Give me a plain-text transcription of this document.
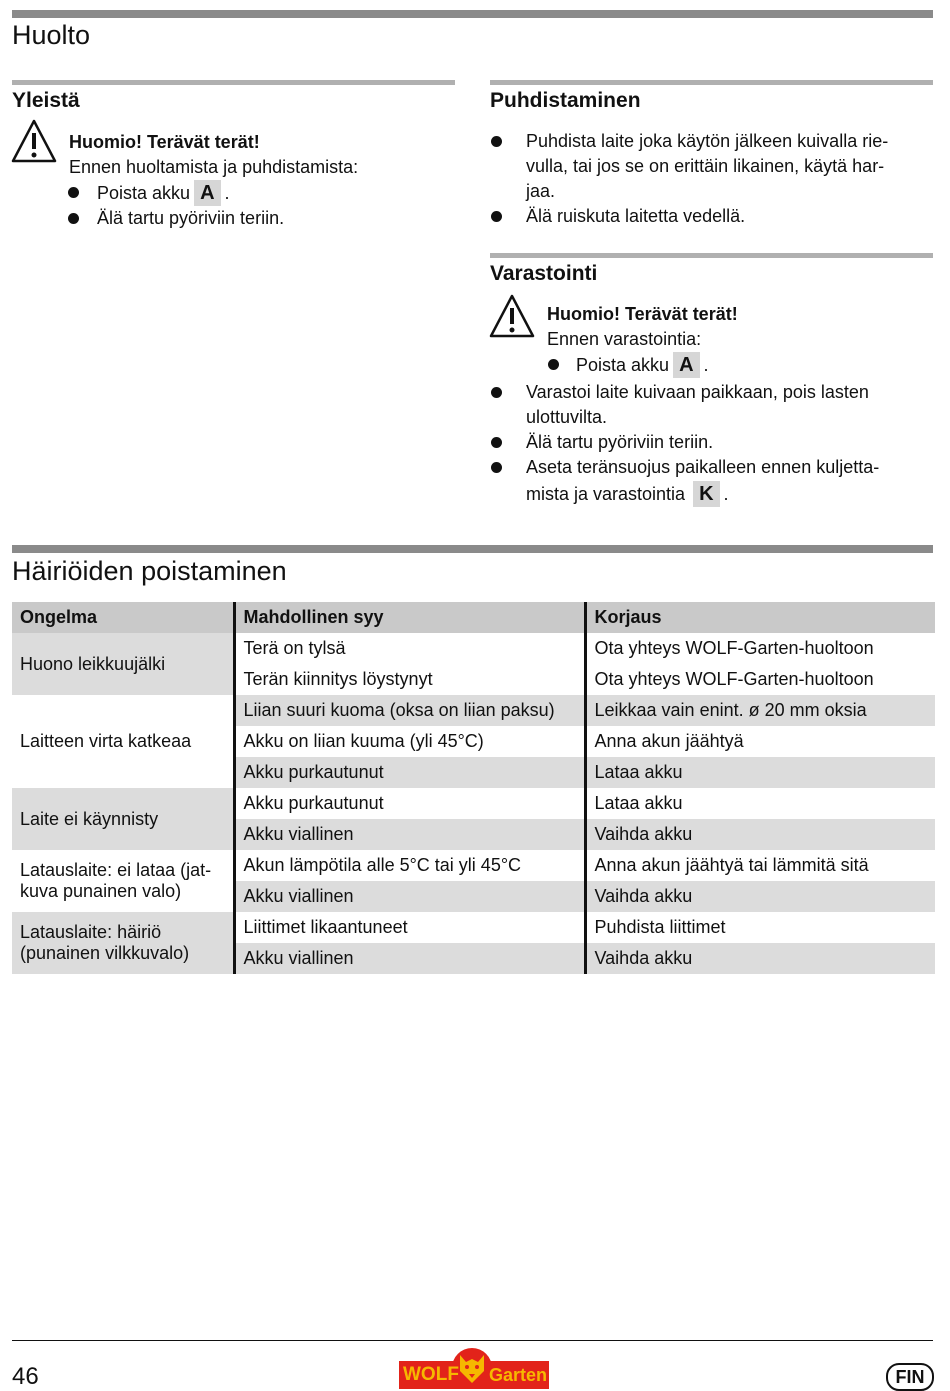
Huolto
Yleistä
Huomio! Terävät terät!
Ennen huoltamista ja puhdistamista:
Poista akku A .
Älä tartu pyöriviin teriin.
Puhdistaminen
Puhdista laite joka käytön jälkeen kuivalla rie-
vulla, tai jos se on erittäin likainen, käytä har-
jaa.
Älä ruiskuta laitetta vedellä.
Varastointi
Huomio! Terävät terät!
Ennen varastointia:
Poista akku A .
Varastoi laite kuivaan paikkaan, pois lasten
ulottuvilta.
Älä tartu pyöriviin teriin.
Aseta teränsuojus paikalleen ennen kuljetta-
mista ja varastointia K .
Häiriöiden poistaminen
Ongelma	Mahdollinen syy	Korjaus
Huono leikkuujälki	Terä on tylsä	Ota yhteys WOLF-Garten-huoltoon
	Terän kiinnitys löystynyt	Ota yhteys WOLF-Garten-huoltoon
Laitteen virta katkeaa	Liian suuri kuoma (oksa on liian paksu)	Leikkaa vain enint. ø 20 mm oksia
	Akku on liian kuuma (yli 45°C)	Anna akun jäähtyä
	Akku purkautunut	Lataa akku
Laite ei käynnisty	Akku purkautunut	Lataa akku
	Akku viallinen	Vaihda akku

Latauslaite: ei lataa (jat-
kuva punainen valo)	Akun lämpötila alle 5°C tai yli 45°C	Anna akun jäähtyä tai lämmitä sitä
	Akku viallinen	Vaihda akku

Latauslaite: häiriö
(punainen vilkkuvalo)	Liittimet likaantuneet	Puhdista liittimet
	Akku viallinen	Vaihda akku
46	WOLF Garten	FIN
